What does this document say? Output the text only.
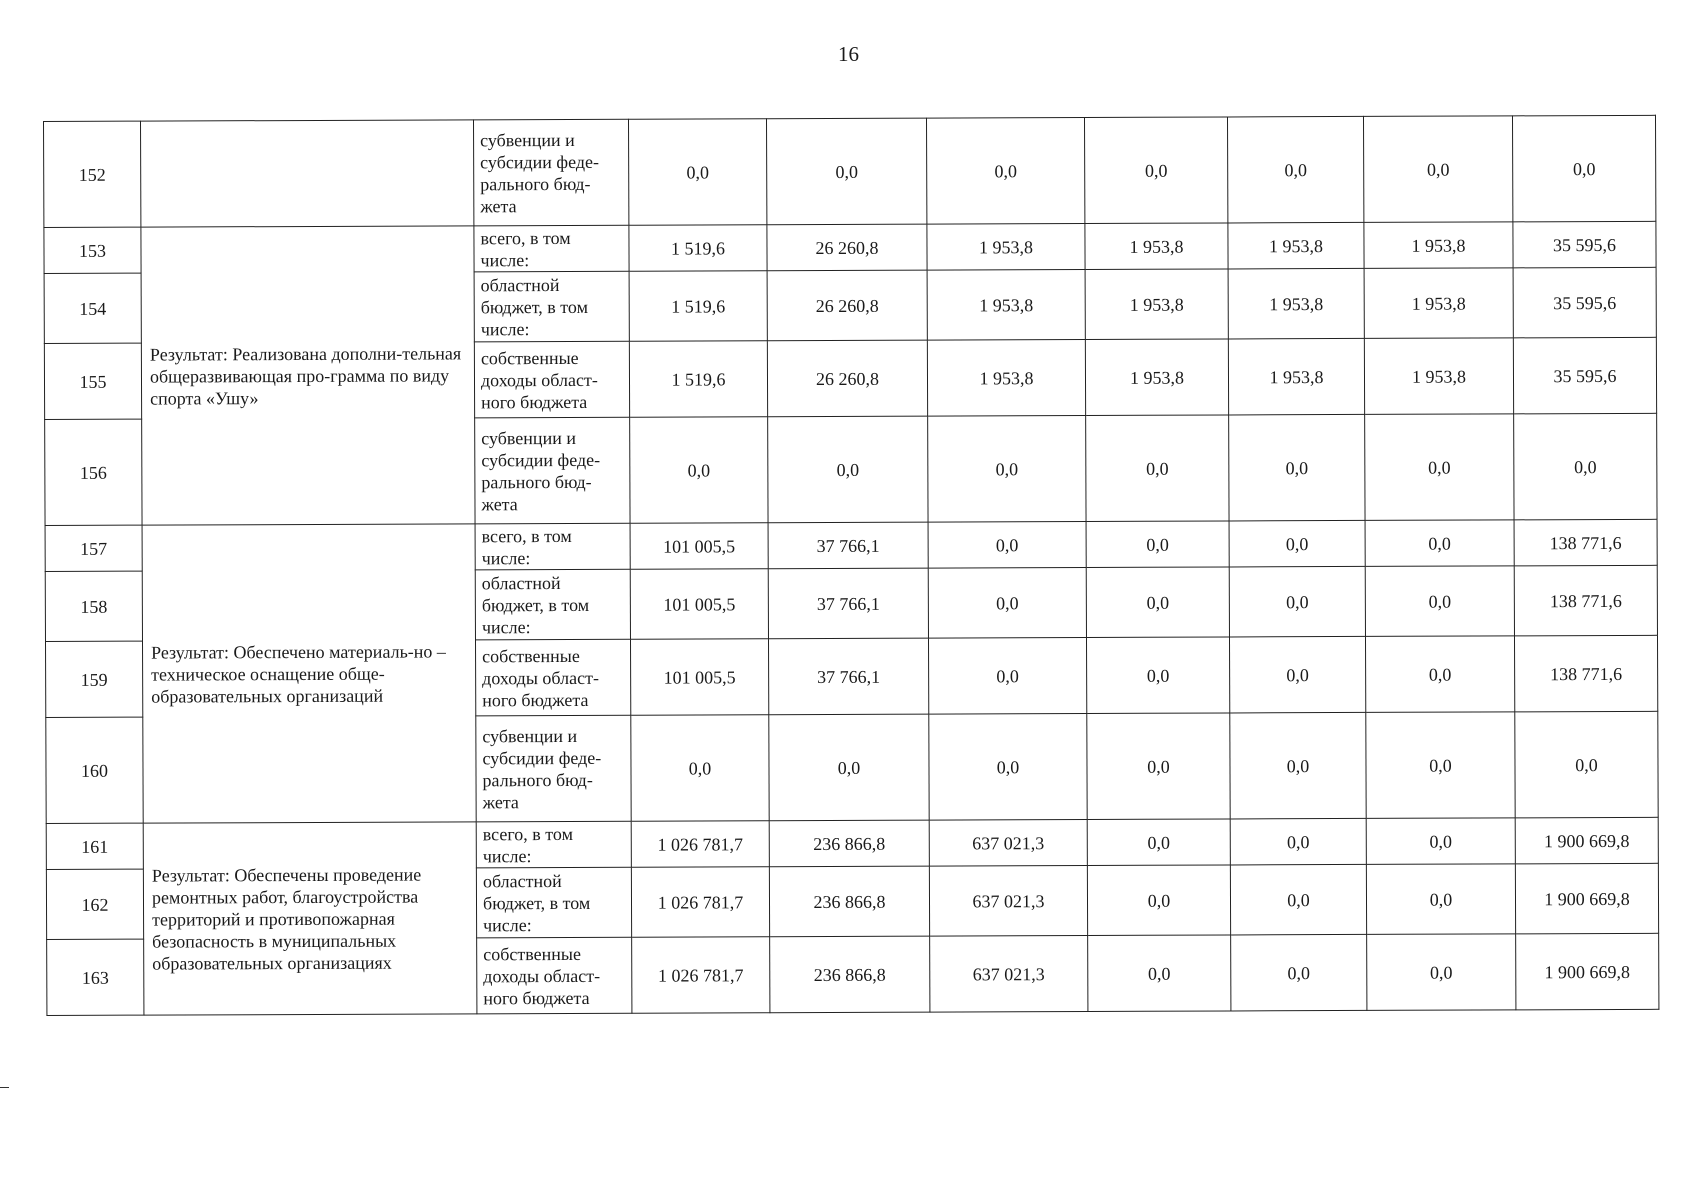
16
152		субвенции и субсидии феде-ральнoго бюд-жета	0,0	0,0	0,0	0,0	0,0	0,0	0,0
153	Результат: Реализована дополни-тельная общеразвивающая про-грамма по виду спорта «Ушу»	всего, в том числе:	1 519,6	26 260,8	1 953,8	1 953,8	1 953,8	1 953,8	35 595,6
154		областной бюджет, в том числе:	1 519,6	26 260,8	1 953,8	1 953,8	1 953,8	1 953,8	35 595,6
155		собственные доходы област-ного бюджета	1 519,6	26 260,8	1 953,8	1 953,8	1 953,8	1 953,8	35 595,6
156		субвенции и субсидии феде-рального бюд-жета	0,0	0,0	0,0	0,0	0,0	0,0	0,0
157	Результат: Обеспечено материаль-но – техническое оснащение обще-образовательных организаций	всего, в том числе:	101 005,5	37 766,1	0,0	0,0	0,0	0,0	138 771,6
158		областной бюджет, в том числе:	101 005,5	37 766,1	0,0	0,0	0,0	0,0	138 771,6
159		собственные доходы област-ного бюджета	101 005,5	37 766,1	0,0	0,0	0,0	0,0	138 771,6
160		субвенции и субсидии феде-рального бюд-жета	0,0	0,0	0,0	0,0	0,0	0,0	0,0
161	Результат: Обеспечены проведение ремонтных работ, благоустройства территорий и противопожарная безопасность в муниципальных образовательных организациях	всего, в том числе:	1 026 781,7	236 866,8	637 021,3	0,0	0,0	0,0	1 900 669,8
162		областной бюджет, в том числе:	1 026 781,7	236 866,8	637 021,3	0,0	0,0	0,0	1 900 669,8
163		собственные доходы област-ного бюджета	1 026 781,7	236 866,8	637 021,3	0,0	0,0	0,0	1 900 669,8
